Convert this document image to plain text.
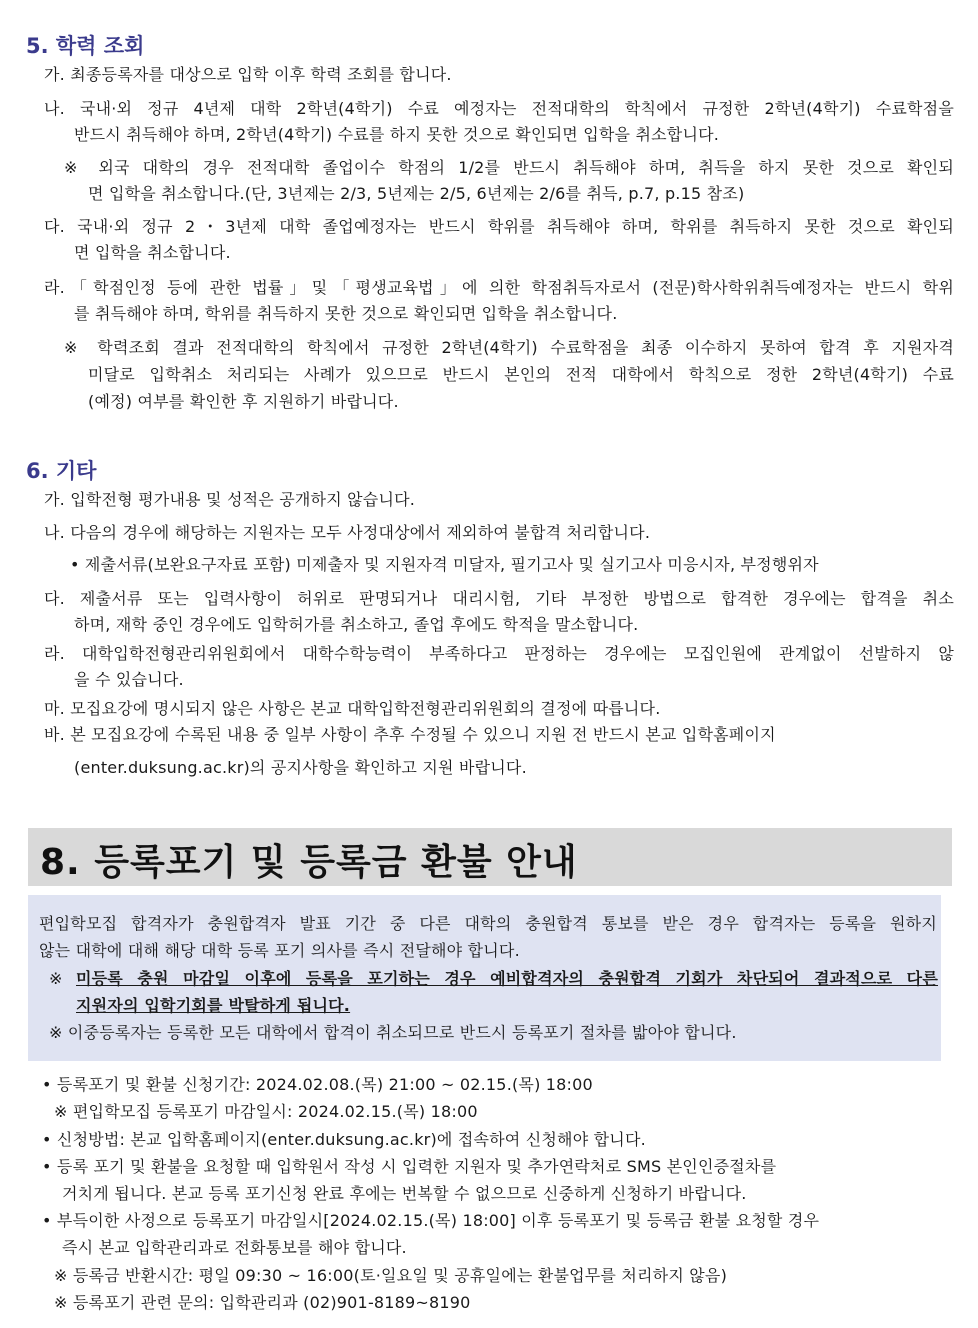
5. 학력 조회
가. 최종등록자를 대상으로 입학 이후 학력 조회를 합니다.
나. 국내·외 정규 4년제 대학 2학년(4학기) 수료 예정자는 전적대학의 학칙에서 규정한 2학년(4학기) 수료학점을
반드시 취득해야 하며, 2학년(4학기) 수료를 하지 못한 것으로 확인되면 입학을 취소합니다.
※ 외국 대학의 경우 전적대학 졸업이수 학점의 1/2를 반드시 취득해야 하며, 취득을 하지 못한 것으로 확인되
면 입학을 취소합니다.(단, 3년제는 2/3, 5년제는 2/5, 6년제는 2/6를 취득, p.7, p.15 참조)
다. 국내·외 정규 2・3년제 대학 졸업예정자는 반드시 학위를 취득해야 하며, 학위를 취득하지 못한 것으로 확인되
면 입학을 취소합니다.
라.「학점인정 등에 관한 법률」및「평생교육법」에 의한 학점취득자로서 (전문)학사학위취득예정자는 반드시 학위
를 취득해야 하며, 학위를 취득하지 못한 것으로 확인되면 입학을 취소합니다.
※ 학력조회 결과 전적대학의 학칙에서 규정한 2학년(4학기) 수료학점을 최종 이수하지 못하여 합격 후 지원자격
미달로 입학취소 처리되는 사례가 있으므로 반드시 본인의 전적 대학에서 학칙으로 정한 2학년(4학기) 수료
(예정) 여부를 확인한 후 지원하기 바랍니다.
6. 기타
가. 입학전형 평가내용 및 성적은 공개하지 않습니다.
나. 다음의 경우에 해당하는 지원자는 모두 사정대상에서 제외하여 불합격 처리합니다.
• 제출서류(보완요구자료 포함) 미제출자 및 지원자격 미달자, 필기고사 및 실기고사 미응시자, 부정행위자
다. 제출서류 또는 입력사항이 허위로 판명되거나 대리시험, 기타 부정한 방법으로 합격한 경우에는 합격을 취소
하며, 재학 중인 경우에도 입학허가를 취소하고, 졸업 후에도 학적을 말소합니다.
라. 대학입학전형관리위원회에서 대학수학능력이 부족하다고 판정하는 경우에는 모집인원에 관계없이 선발하지 않
을 수 있습니다.
마. 모집요강에 명시되지 않은 사항은 본교 대학입학전형관리위원회의 결정에 따릅니다.
바. 본 모집요강에 수록된 내용 중 일부 사항이 추후 수정될 수 있으니 지원 전 반드시 본교 입학홈페이지
(enter.duksung.ac.kr)의 공지사항을 확인하고 지원 바랍니다.
8. 등록포기 및 등록금 환불 안내
편입학모집 합격자가 충원합격자 발표 기간 중 다른 대학의 충원합격 통보를 받은 경우 합격자는 등록을 원하지
않는 대학에 대해 해당 대학 등록 포기 의사를 즉시 전달해야 합니다.
※ 미등록 충원 마감일 이후에 등록을 포기하는 경우 예비합격자의 충원합격 기회가 차단되어 결과적으로 다른
지원자의 입학기회를 박탈하게 됩니다.
※ 이중등록자는 등록한 모든 대학에서 합격이 취소되므로 반드시 등록포기 절차를 밟아야 합니다.
• 등록포기 및 환불 신청기간: 2024.02.08.(목) 21:00 ~ 02.15.(목) 18:00
※ 편입학모집 등록포기 마감일시: 2024.02.15.(목) 18:00
• 신청방법: 본교 입학홈페이지(enter.duksung.ac.kr)에 접속하여 신청해야 합니다.
• 등록 포기 및 환불을 요청할 때 입학원서 작성 시 입력한 지원자 및 추가연락처로 SMS 본인인증절차를
거치게 됩니다. 본교 등록 포기신청 완료 후에는 번복할 수 없으므로 신중하게 신청하기 바랍니다.
• 부득이한 사정으로 등록포기 마감일시[2024.02.15.(목) 18:00] 이후 등록포기 및 등록금 환불 요청할 경우
즉시 본교 입학관리과로 전화통보를 해야 합니다.
※ 등록금 반환시간: 평일 09:30 ~ 16:00(토·일요일 및 공휴일에는 환불업무를 처리하지 않음)
※ 등록포기 관련 문의: 입학관리과 (02)901-8189~8190
